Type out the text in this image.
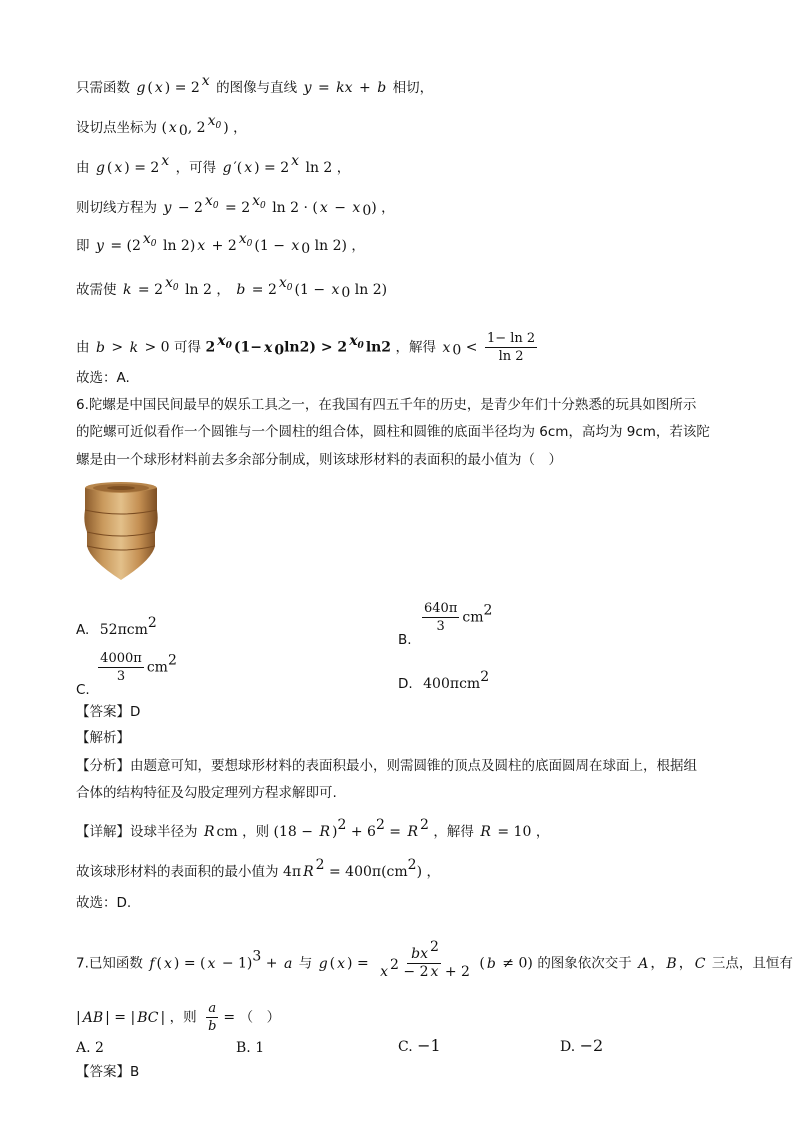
只需函数 g ( x ) = 2 $^x$ 的图像与直线 y = kx + b 相切，
设切点坐标为 ( x $_0$, 2 $^{x_0}$ ) ，
由 g ( x ) = 2 $^x$ ，可得 g ′( x ) = 2 $^x$ ln 2 ，
则切线方程为 y − 2 $^{x_0}$ = 2 $^{x_0}$ ln 2 · ( x − x $_0$) ，
即 y = (2 $^{x_0}$ ln 2) x + 2 $^{x_0}$ (1 − x $_0$ ln 2) ，
故需使 k = 2 $^{x_0}$ ln 2 ， b = 2 $^{x_0}$ (1 − x $_0$ ln 2)
由 b > k > 0 可得 2 $^{x_0}$ (1− x $_0$ln2) > 2 $^{x_0}$ ln2 ，解得 x $_0 < \frac{1- \ln 2}{\ln 2}$
故选：A.
6.陀螺是中国民间最早的娱乐工具之一，在我国有四五千年的历史，是青少年们十分熟悉的玩具如图所示
的陀螺可近似看作一个圆锥与一个圆柱的组合体，圆柱和圆锥的底面半径均为 6cm，高均为 9cm，若该陀
螺是由一个球形材料前去多余部分制成，则该球形材料的表面积的最小值为（　）
A. 52πcm$^2$
B.
$\frac{640\pi}{3} cm^2$
C.
$\frac{4000\pi}{3} cm^2$
D. 400πcm$^2$
【答案】D
【解析】
【分析】由题意可知，要想球形材料的表面积最小，则需圆锥的顶点及圆柱的底面圆周在球面上，根据组
合体的结构特征及勾股定理列方程求解即可.
【详解】设球半径为 R cm ，则 (18 − R )$^2 + 6^2 = R$ $^2$ ，解得 R = 10 ，
故该球形材料的表面积的最小值为 4π R $^2 = 400\pi(cm^2)$ ，
故选：D.
7.已知函数 f ( x ) = ( x − 1)$^3$ + a 与 g ( x ) = $\frac{bx ^2}{x ^2 - 2 x + 2}$ ( b ≠ 0) 的图象依次交于 A ， B ， C 三点，且恒有
| AB | = | BC | ，则 $\frac{a}{b}$ = （　）
A. 2	B. 1	C. −1	D. −2
【答案】B
